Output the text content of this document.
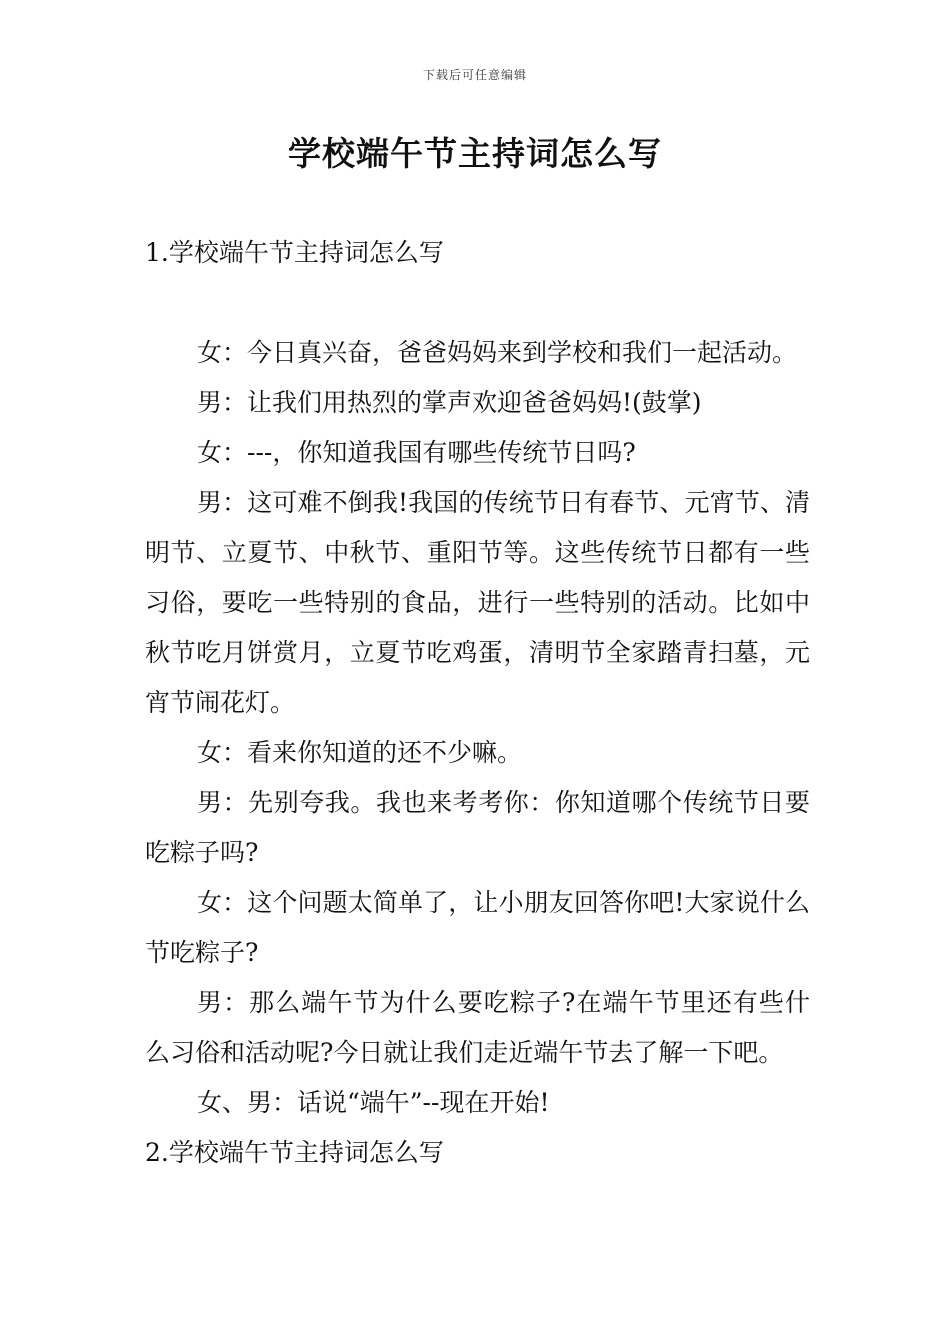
下载后可任意编辑
学校端午节主持词怎么写
1.学校端午节主持词怎么写

女：今日真兴奋，爸爸妈妈来到学校和我们一起活动。

男：让我们用热烈的掌声欢迎爸爸妈妈!(鼓掌)

女：---，你知道我国有哪些传统节日吗?

男：这可难不倒我!我国的传统节日有春节、元宵节、清明节、立夏节、中秋节、重阳节等。这些传统节日都有一些习俗，要吃一些特别的食品，进行一些特别的活动。比如中秋节吃月饼赏月，立夏节吃鸡蛋，清明节全家踏青扫墓，元宵节闹花灯。

女：看来你知道的还不少嘛。

男：先别夸我。我也来考考你：你知道哪个传统节日要吃粽子吗?

女：这个问题太简单了，让小朋友回答你吧!大家说什么节吃粽子?

男：那么端午节为什么要吃粽子?在端午节里还有些什么习俗和活动呢?今日就让我们走近端午节去了解一下吧。

女、男：话说“端午”--现在开始!

2.学校端午节主持词怎么写
